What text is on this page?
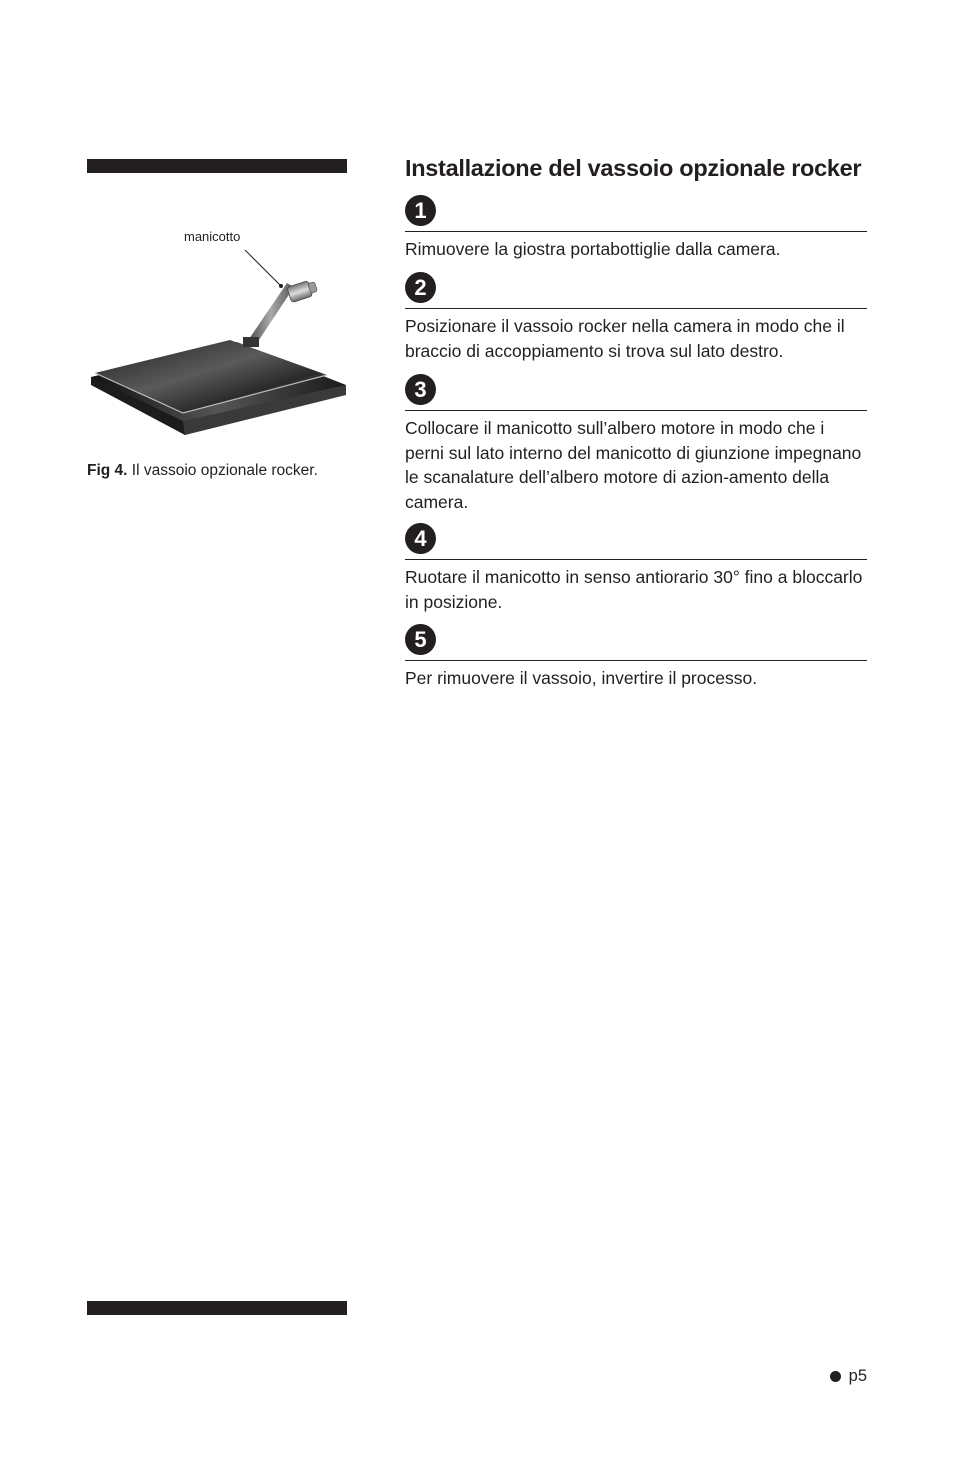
manicotto
Fig 4. Il vassoio opzionale rocker.
Installazione del vassoio opzionale rocker
1

Rimuovere la giostra portabottiglie dalla camera.

2

Posizionare il vassoio rocker nella camera in modo che il braccio di accoppiamento si trova sul lato destro.

3

Collocare il manicotto sull’albero motore in modo che i perni sul lato interno del manicotto di giunzione impegnano le scanalature dell’albero motore di azion-amento della camera.

4

Ruotare il manicotto in senso antiorario 30° fino a bloccarlo in posizione.

5

Per rimuovere il vassoio, invertire il processo.

p5
